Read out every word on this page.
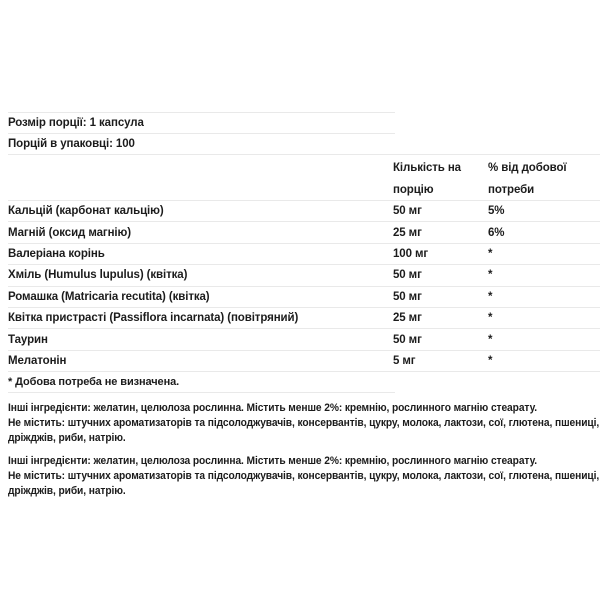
Розмір порції: 1 капсула
Порцій в упаковці: 100
Кількість на
порцію
% від добової
потреби
Кальцій (карбонат кальцію)	50 мг	5%
Магній (оксид магнію)	25 мг	6%
Валеріана корінь	100 мг	*
Хміль (Humulus lupulus) (квітка)	50 мг	*
Ромашка (Matricaria recutita) (квітка)	50 мг	*
Квітка пристрасті (Passiflora incarnata) (повітряний)	25 мг	*
Таурин	50 мг	*
Мелатонін	5 мг	*
* Добова потреба не визначена.
Інші інгредієнти: желатин, целюлоза рослинна. Містить менше 2%: кремнію, рослинного магнію стеарату.
Не містить: штучних ароматизаторів та підсолоджувачів, консервантів, цукру, молока, лактози, сої, глютена, пшениці,
дріжджів, риби, натрію.
Інші інгредієнти: желатин, целюлоза рослинна. Містить менше 2%: кремнію, рослинного магнію стеарату.
Не містить: штучних ароматизаторів та підсолоджувачів, консервантів, цукру, молока, лактози, сої, глютена, пшениці,
дріжджів, риби, натрію.
